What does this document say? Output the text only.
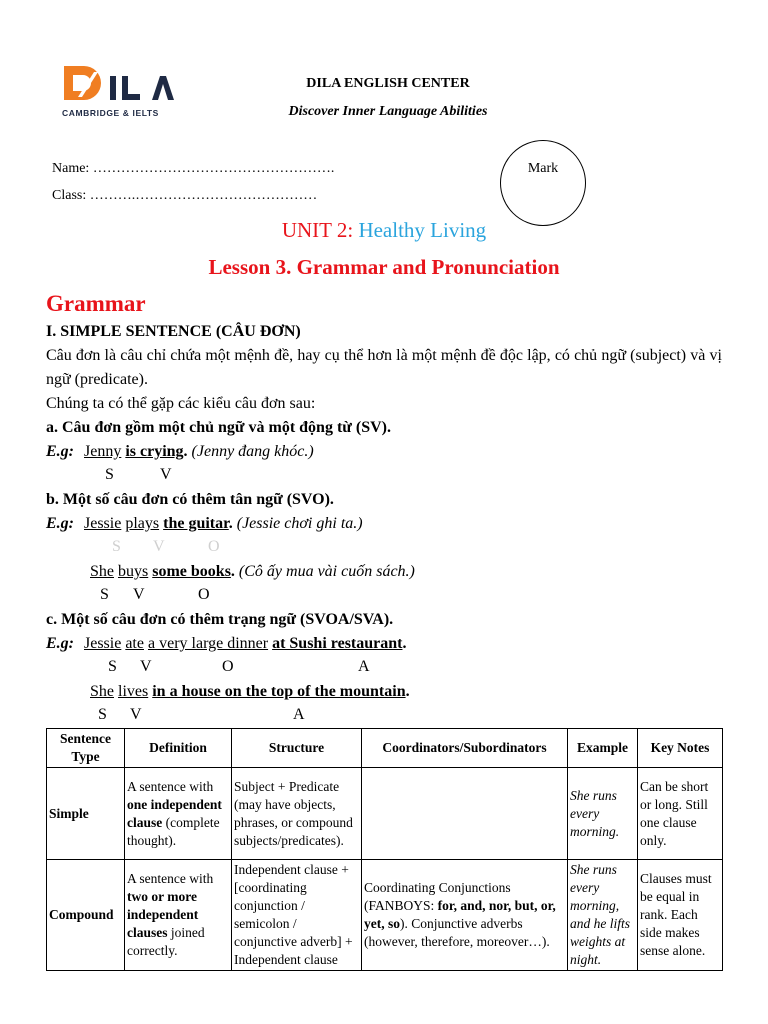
CAMBRIDGE & IELTS
DILA ENGLISH CENTER
Discover Inner Language Abilities
Name: …………………………………………….
Class: ……….…………………………………
Mark
UNIT 2: Healthy Living
Lesson 3. Grammar and Pronunciation
Grammar
I. SIMPLE SENTENCE (CÂU ĐƠN)
Câu đơn là câu chỉ chứa một mệnh đề, hay cụ thể hơn là một mệnh đề độc lập, có chủ ngữ (subject) và vị ngữ (predicate).
Chúng ta có thể gặp các kiểu câu đơn sau:
a. Câu đơn gồm một chủ ngữ và một động từ (SV).
E.g: Jenny is crying. (Jenny đang khóc.)
S	V
b. Một số câu đơn có thêm tân ngữ (SVO).
E.g: Jessie plays the guitar. (Jessie chơi ghi ta.)
S V	O
She buys some books. (Cô ấy mua vài cuốn sách.)
S V	O
c. Một số câu đơn có thêm trạng ngữ (SVOA/SVA).
E.g: Jessie ate a very large dinner at Sushi restaurant.
S V	O	A
She lives in a house on the top of the mountain.
S V	A
Sentence Type	Definition	Structure	Coordinators/Subordinators	Example	Key Notes
Simple	A sentence with one independent clause (complete thought).	Subject + Predicate (may have objects, phrases, or compound subjects/predicates).		She runs every morning.	Can be short or long. Still one clause only.
Compound	A sentence with two or more independent clauses joined correctly.	Independent clause + [coordinating conjunction / semicolon / conjunctive adverb] + Independent clause	Coordinating Conjunctions (FANBOYS: for, and, nor, but, or, yet, so). Conjunctive adverbs (however, therefore, moreover…).	She runs every morning, and he lifts weights at night.	Clauses must be equal in rank. Each side makes sense alone.
